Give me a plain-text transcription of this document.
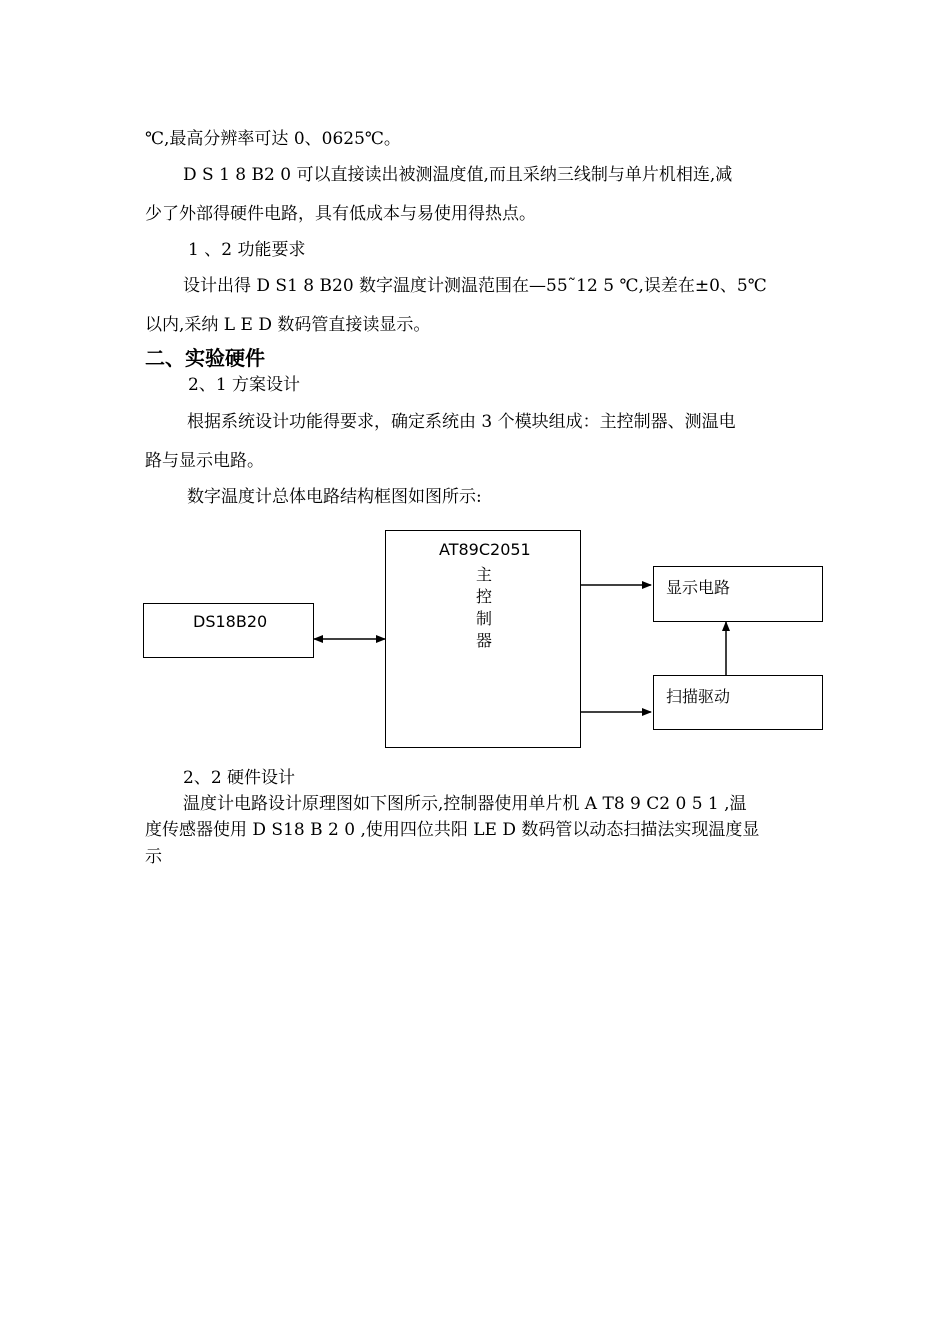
℃,最高分辨率可达 0、0625℃。
D S 1 8 B2 0 可以直接读出被测温度值,而且采纳三线制与单片机相连,减
少了外部得硬件电路，具有低成本与易使用得热点。
1 、2 功能要求
设计出得 D S1 8 B20 数字温度计测温范围在—55˜12 5 ℃,误差在±0、5℃
以内,采纳 L E D 数码管直接读显示。
二、实验硬件
2、1 方案设计
根据系统设计功能得要求，确定系统由 3 个模块组成：主控制器、测温电
路与显示电路。
数字温度计总体电路结构框图如图所示:
DS18B20
AT89C2051
主
控
制
器
显示电路
扫描驱动
2、2 硬件设计
温度计电路设计原理图如下图所示,控制器使用单片机 A T8 9 C2 0 5 1 ,温
度传感器使用 D S18 B 2 0 ,使用四位共阳 LE D 数码管以动态扫描法实现温度显
示
